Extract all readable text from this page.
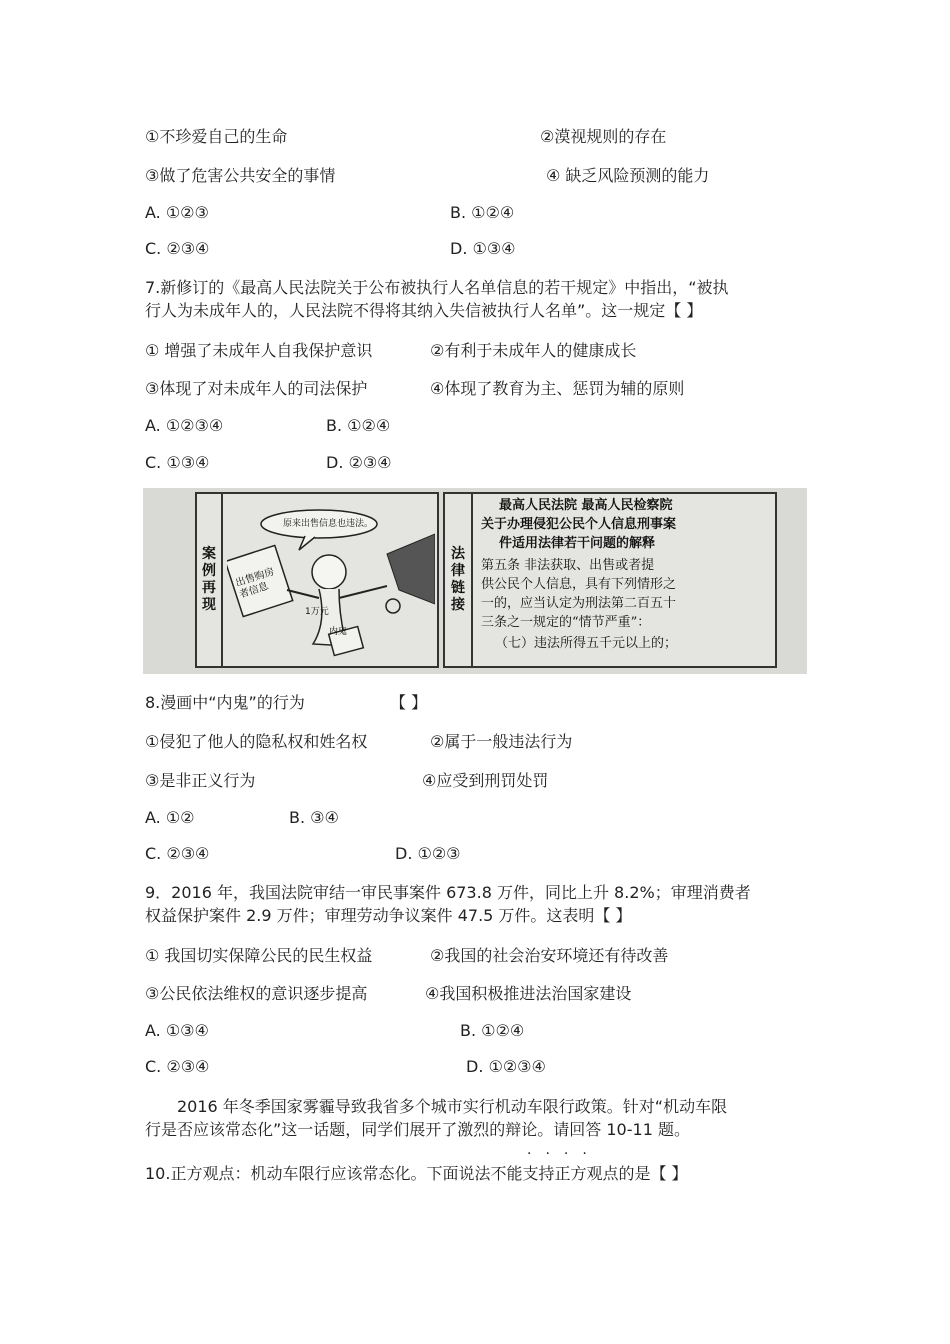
①不珍爱自己的生命	②漠视规则的存在
③做了危害公共安全的事情	④ 缺乏风险预测的能力
A. ①②③	B. ①②④
C. ②③④	D. ①③④
7.新修订的《最高人民法院关于公布被执行人名单信息的若干规定》中指出，“被执
行人为未成年人的，人民法院不得将其纳入失信被执行人名单”。这一规定【 】
① 增强了未成年人自我保护意识	②有利于未成年人的健康成长
③体现了对未成年人的司法保护	④体现了教育为主、惩罚为辅的原则
A. ①②③④	B. ①②④
C. ①③④	D. ②③④
案例再现
原来出售信息也违法。
出售购房者信息
内鬼
1万元
法律链接
最高人民法院 最高人民检察院
关于办理侵犯公民个人信息刑事案
件适用法律若干问题的解释
第五条 非法获取、出售或者提
供公民个人信息，具有下列情形之
一的，应当认定为刑法第二百五十
三条之一规定的“情节严重”：
（七）违法所得五千元以上的；
8.漫画中“内鬼”的行为	【 】
①侵犯了他人的隐私权和姓名权	②属于一般违法行为
③是非正义行为	④应受到刑罚处罚
A. ①②	B. ③④
C. ②③④	D. ①②③
9．2016 年，我国法院审结一审民事案件 673.8 万件，同比上升 8.2%；审理消费者
权益保护案件 2.9 万件；审理劳动争议案件 47.5 万件。这表明【 】
① 我国切实保障公民的民生权益	②我国的社会治安环境还有待改善
③公民依法维权的意识逐步提高	④我国积极推进法治国家建设
A. ①③④	B. ①②④
C. ②③④	D. ①②③④
2016 年冬季国家雾霾导致我省多个城市实行机动车限行政策。针对“机动车限
行是否应该常态化”这一话题，同学们展开了激烈的辩论。请回答 10-11 题。
····
10.正方观点：机动车限行应该常态化。下面说法不能支持正方观点的是【 】
